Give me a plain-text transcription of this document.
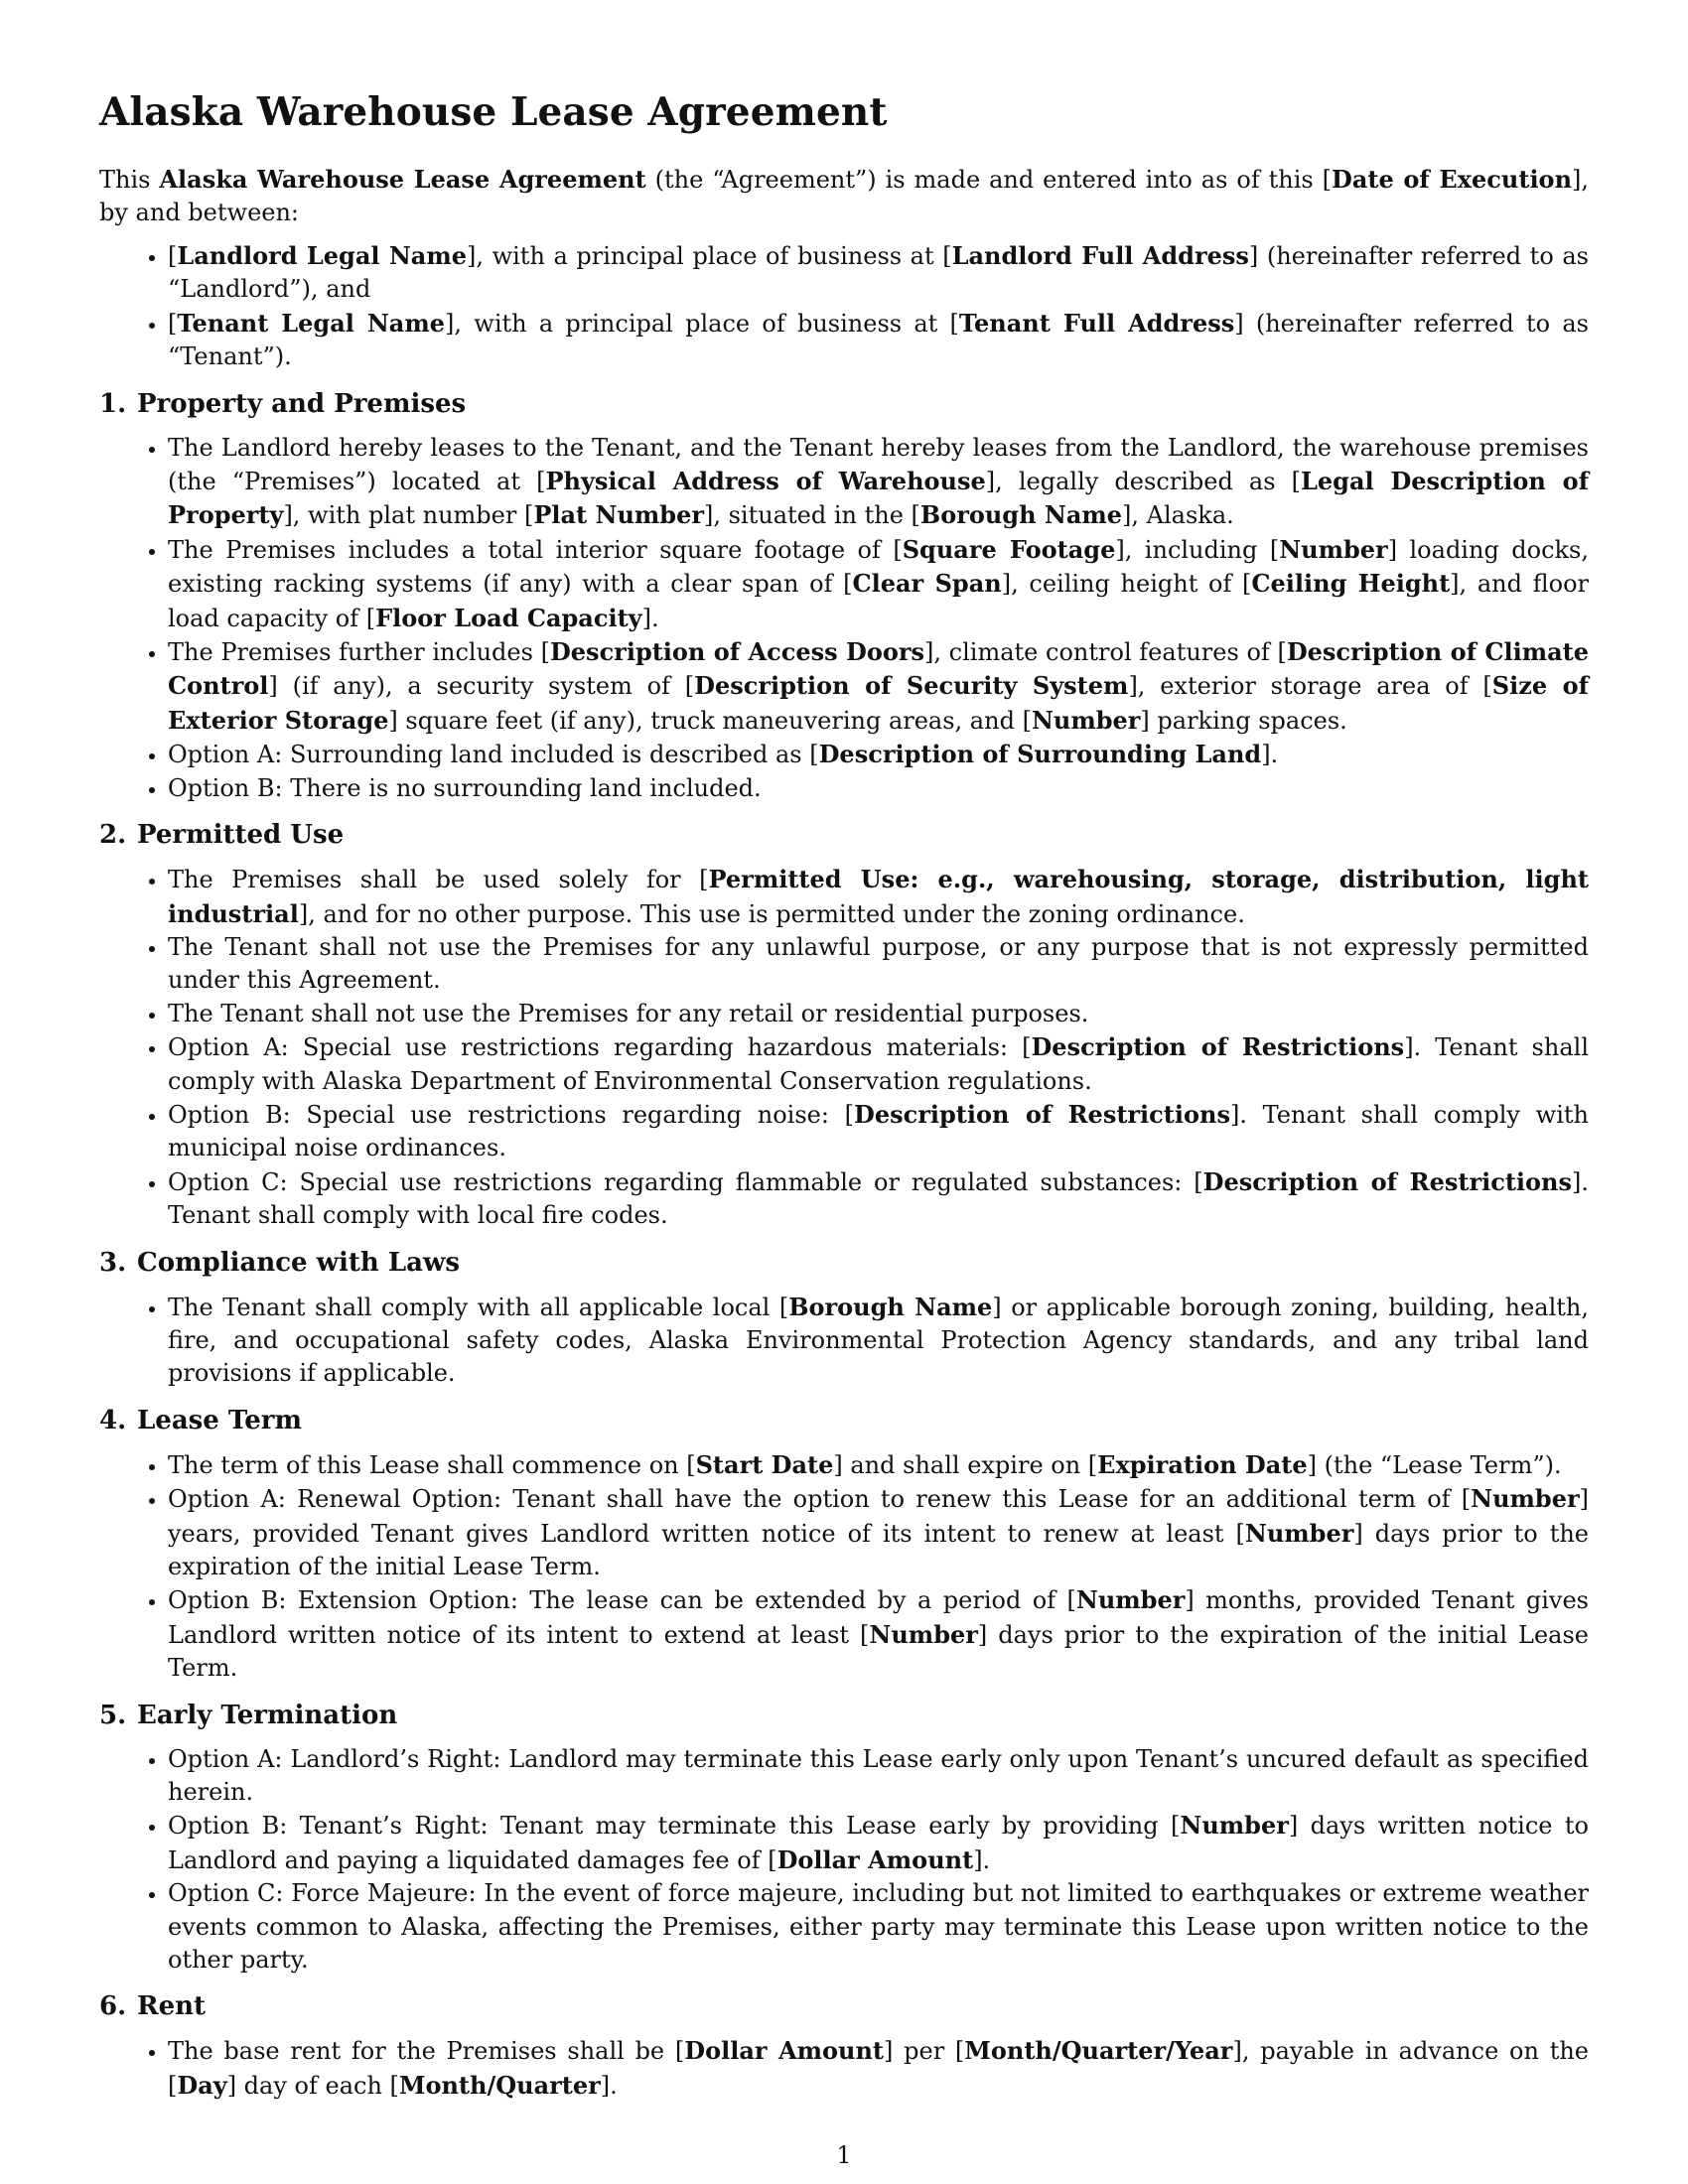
Alaska Warehouse Lease Agreement

This Alaska Warehouse Lease Agreement (the “Agreement”) is made and entered into as of this [Date of Execution], by and between:

• [Landlord Legal Name], with a principal place of business at [Landlord Full Address] (hereinafter referred to as “Landlord”), and
• [Tenant Legal Name], with a principal place of business at [Tenant Full Address] (hereinafter referred to as “Tenant”).
1. Property and Premises
• The Landlord hereby leases to the Tenant, and the Tenant hereby leases from the Landlord, the warehouse premises (the “Premises”) located at [Physical Address of Warehouse], legally described as [Legal Description of Property], with plat number [Plat Number], situated in the [Borough Name], Alaska.
• The Premises includes a total interior square footage of [Square Footage], including [Number] loading docks, existing racking systems (if any) with a clear span of [Clear Span], ceiling height of [Ceiling Height], and floor load capacity of [Floor Load Capacity].
• The Premises further includes [Description of Access Doors], climate control features of [Description of Climate Control] (if any), a security system of [Description of Security System], exterior storage area of [Size of Exterior Storage] square feet (if any), truck maneuvering areas, and [Number] parking spaces.
• Option A: Surrounding land included is described as [Description of Surrounding Land].
• Option B: There is no surrounding land included.
2. Permitted Use
• The Premises shall be used solely for [Permitted Use: e.g., warehousing, storage, distribution, light industrial], and for no other purpose. This use is permitted under the zoning ordinance.
• The Tenant shall not use the Premises for any unlawful purpose, or any purpose that is not expressly permitted under this Agreement.
• The Tenant shall not use the Premises for any retail or residential purposes.
• Option A: Special use restrictions regarding hazardous materials: [Description of Restrictions]. Tenant shall comply with Alaska Department of Environmental Conservation regulations.
• Option B: Special use restrictions regarding noise: [Description of Restrictions]. Tenant shall comply with municipal noise ordinances.
• Option C: Special use restrictions regarding flammable or regulated substances: [Description of Restrictions]. Tenant shall comply with local fire codes.
3. Compliance with Laws
• The Tenant shall comply with all applicable local [Borough Name] or applicable borough zoning, building, health, fire, and occupational safety codes, Alaska Environmental Protection Agency standards, and any tribal land provisions if applicable.
4. Lease Term
• The term of this Lease shall commence on [Start Date] and shall expire on [Expiration Date] (the “Lease Term”).
• Option A: Renewal Option: Tenant shall have the option to renew this Lease for an additional term of [Number] years, provided Tenant gives Landlord written notice of its intent to renew at least [Number] days prior to the expiration of the initial Lease Term.
• Option B: Extension Option: The lease can be extended by a period of [Number] months, provided Tenant gives Landlord written notice of its intent to extend at least [Number] days prior to the expiration of the initial Lease Term.
5. Early Termination
• Option A: Landlord’s Right: Landlord may terminate this Lease early only upon Tenant’s uncured default as specified herein.
• Option B: Tenant’s Right: Tenant may terminate this Lease early by providing [Number] days written notice to Landlord and paying a liquidated damages fee of [Dollar Amount].
• Option C: Force Majeure: In the event of force majeure, including but not limited to earthquakes or extreme weather events common to Alaska, affecting the Premises, either party may terminate this Lease upon written notice to the other party.
6. Rent
• The base rent for the Premises shall be [Dollar Amount] per [Month/Quarter/Year], payable in advance on the [Day] day of each [Month/Quarter].
1
